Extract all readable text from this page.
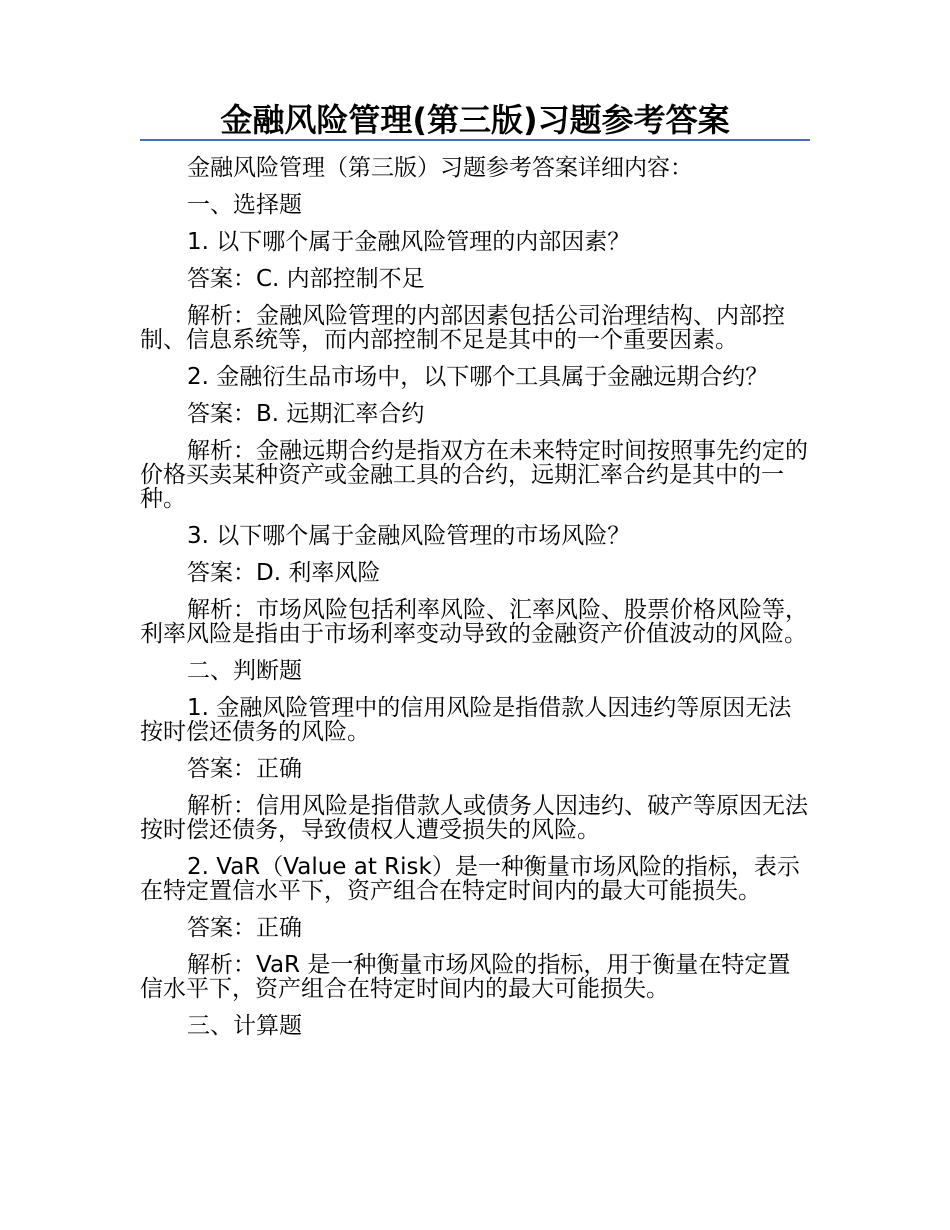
金融风险管理(第三版)习题参考答案

金融风险管理（第三版）习题参考答案详细内容：

一、选择题

1. 以下哪个属于金融风险管理的内部因素？

答案：C. 内部控制不足

解析：金融风险管理的内部因素包括公司治理结构、内部控制、信息系统等，而内部控制不足是其中的一个重要因素。

2. 金融衍生品市场中，以下哪个工具属于金融远期合约？

答案：B. 远期汇率合约

解析：金融远期合约是指双方在未来特定时间按照事先约定的价格买卖某种资产或金融工具的合约，远期汇率合约是其中的一种。

3. 以下哪个属于金融风险管理的市场风险？

答案：D. 利率风险

解析：市场风险包括利率风险、汇率风险、股票价格风险等，利率风险是指由于市场利率变动导致的金融资产价值波动的风险。

二、判断题

1. 金融风险管理中的信用风险是指借款人因违约等原因无法按时偿还债务的风险。

答案：正确

解析：信用风险是指借款人或债务人因违约、破产等原因无法按时偿还债务，导致债权人遭受损失的风险。

2. VaR（Value at Risk）是一种衡量市场风险的指标，表示在特定置信水平下，资产组合在特定时间内的最大可能损失。

答案：正确

解析：VaR 是一种衡量市场风险的指标，用于衡量在特定置信水平下，资产组合在特定时间内的最大可能损失。

三、计算题
